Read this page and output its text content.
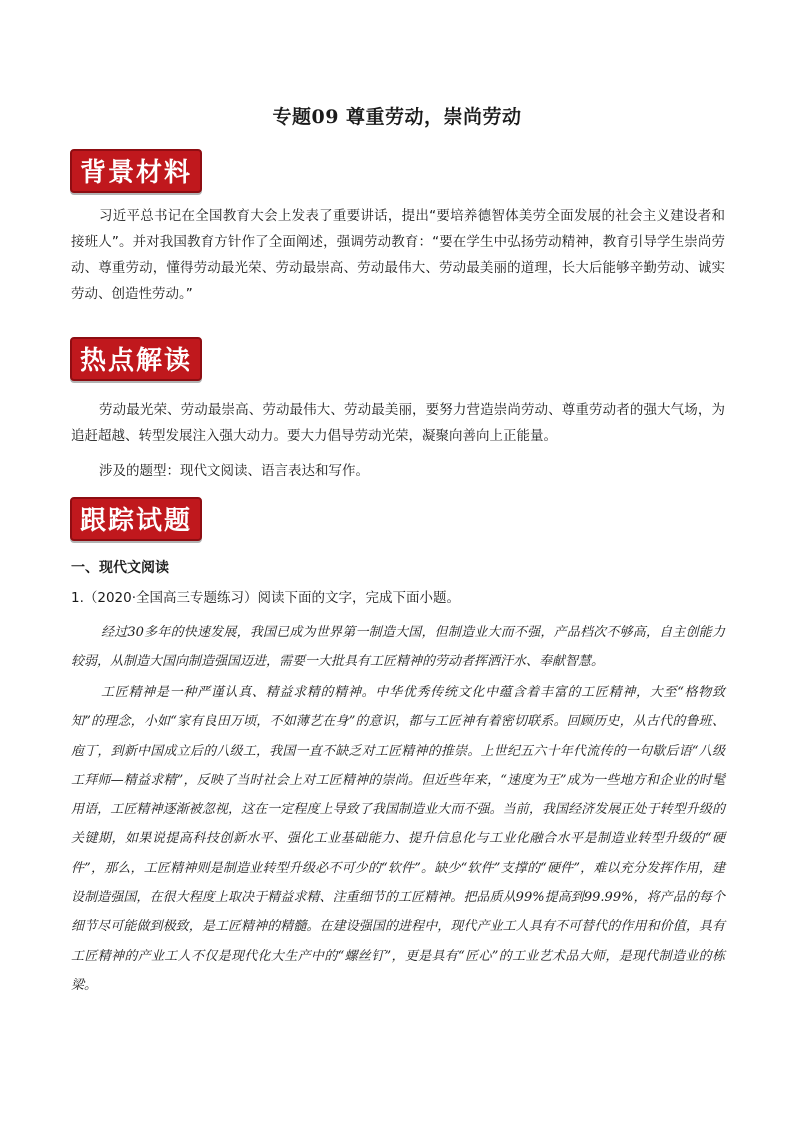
专题09 尊重劳动，崇尚劳动
背景材料

习近平总书记在全国教育大会上发表了重要讲话，提出“要培养德智体美劳全面发展的社会主义建设者和接班人”。并对我国教育方针作了全面阐述，强调劳动教育：“要在学生中弘扬劳动精神，教育引导学生崇尚劳动、尊重劳动，懂得劳动最光荣、劳动最崇高、劳动最伟大、劳动最美丽的道理，长大后能够辛勤劳动、诚实劳动、创造性劳动。”

热点解读

劳动最光荣、劳动最崇高、劳动最伟大、劳动最美丽，要努力营造崇尚劳动、尊重劳动者的强大气场，为追赶超越、转型发展注入强大动力。要大力倡导劳动光荣，凝聚向善向上正能量。

涉及的题型：现代文阅读、语言表达和写作。

跟踪试题
一、现代文阅读
1.（2020·全国高三专题练习）阅读下面的文字，完成下面小题。

经过30多年的快速发展，我国已成为世界第一制造大国，但制造业大而不强，产品档次不够高，自主创能力较弱，从制造大国向制造强国迈进，需要一大批具有工匠精神的劳动者挥洒汗水、奉献智慧。

工匠精神是一种严谨认真、精益求精的精神。中华优秀传统文化中蕴含着丰富的工匠精神，大至“格物致知”的理念，小如“家有良田万顷，不如薄艺在身”的意识，都与工匠神有着密切联系。回顾历史，从古代的鲁班、庖丁，到新中国成立后的八级工，我国一直不缺乏对工匠精神的推崇。上世纪五六十年代流传的一句歇后语“八级工拜师—精益求精”，反映了当时社会上对工匠精神的崇尚。但近些年来，“速度为王”成为一些地方和企业的时髦用语，工匠精神逐渐被忽视，这在一定程度上导致了我国制造业大而不强。当前，我国经济发展正处于转型升级的关键期，如果说提高科技创新水平、强化工业基础能力、提升信息化与工业化融合水平是制造业转型升级的“硬件”，那么，工匠精神则是制造业转型升级必不可少的“软件”。缺少“软件”支撑的“硬件”，难以充分发挥作用，建设制造强国，在很大程度上取决于精益求精、注重细节的工匠精神。把品质从99%提高到99.99%，将产品的每个细节尽可能做到极致，是工匠精神的精髓。在建设强国的进程中，现代产业工人具有不可替代的作用和价值，具有工匠精神的产业工人不仅是现代化大生产中的“螺丝钉”，更是具有“匠心”的工业艺术品大师，是现代制造业的栋梁。
